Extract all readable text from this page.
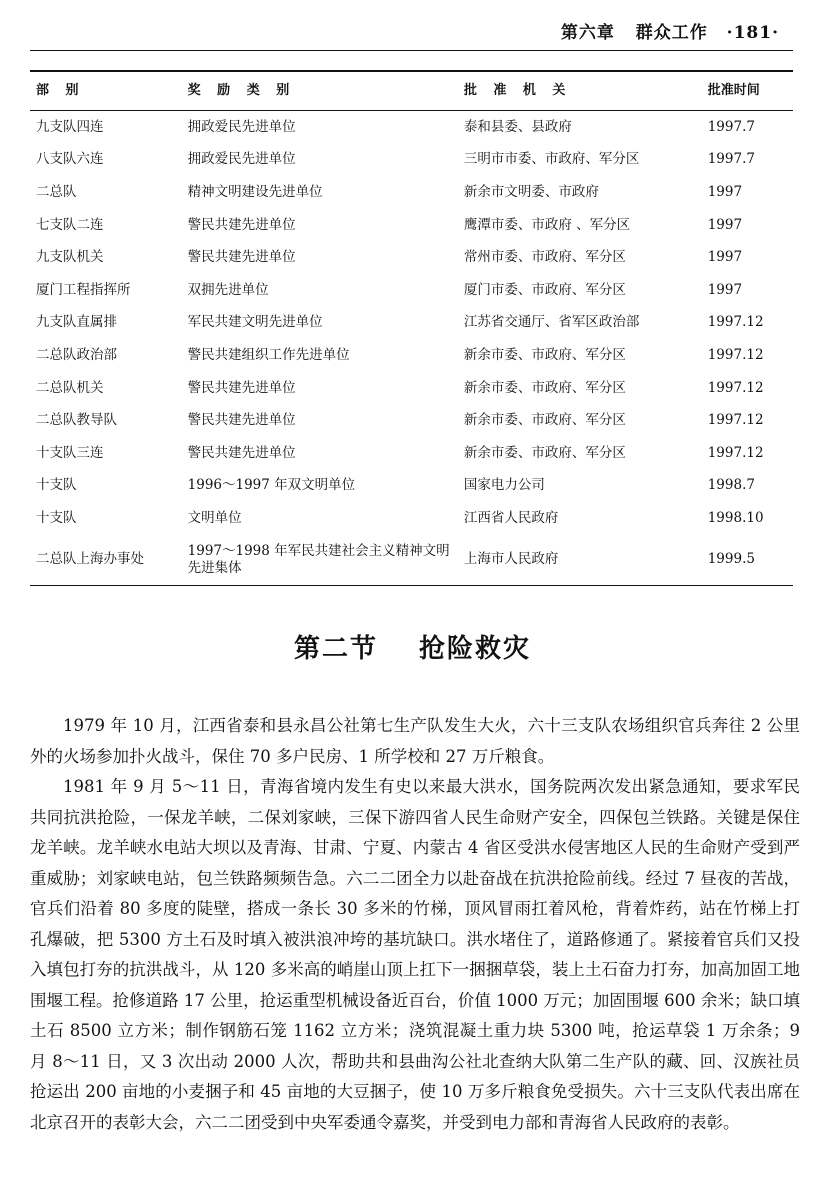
第六章 群众工作 ·181·
部 别	奖 励 类 别	批 准 机 关	批准时间
九支队四连	拥政爱民先进单位	泰和县委、县政府	1997.7
八支队六连	拥政爱民先进单位	三明市市委、市政府、军分区	1997.7
二总队	精神文明建设先进单位	新余市文明委、市政府	1997
七支队二连	警民共建先进单位	鹰潭市委、市政府 、军分区	1997
九支队机关	警民共建先进单位	常州市委、市政府、军分区	1997
厦门工程指挥所	双拥先进单位	厦门市委、市政府、军分区	1997
九支队直属排	军民共建文明先进单位	江苏省交通厅、省军区政治部	1997.12
二总队政治部	警民共建组织工作先进单位	新余市委、市政府、军分区	1997.12
二总队机关	警民共建先进单位	新余市委、市政府、军分区	1997.12
二总队教导队	警民共建先进单位	新余市委、市政府、军分区	1997.12
十支队三连	警民共建先进单位	新余市委、市政府、军分区	1997.12
十支队	1996～1997 年双文明单位	国家电力公司	1998.7
十支队	文明单位	江西省人民政府	1998.10
二总队上海办事处	1997～1998 年军民共建社会主义精神文明先进集体	上海市人民政府	1999.5
第二节 抢险救灾

1979 年 10 月，江西省泰和县永昌公社第七生产队发生大火，六十三支队农场组织官兵奔往 2 公里外的火场参加扑火战斗，保住 70 多户民房、1 所学校和 27 万斤粮食。

1981 年 9 月 5～11 日，青海省境内发生有史以来最大洪水，国务院两次发出紧急通知，要求军民共同抗洪抢险，一保龙羊峡，二保刘家峡，三保下游四省人民生命财产安全，四保包兰铁路。关键是保住龙羊峡。龙羊峡水电站大坝以及青海、甘肃、宁夏、内蒙古 4 省区受洪水侵害地区人民的生命财产受到严重威胁；刘家峡电站，包兰铁路频频告急。六二二团全力以赴奋战在抗洪抢险前线。经过 7 昼夜的苦战，官兵们沿着 80 多度的陡壁，搭成一条长 30 多米的竹梯，顶风冒雨扛着风枪，背着炸药，站在竹梯上打孔爆破，把 5300 方土石及时填入被洪浪冲垮的基坑缺口。洪水堵住了，道路修通了。紧接着官兵们又投入填包打夯的抗洪战斗，从 120 多米高的峭崖山顶上扛下一捆捆草袋，装上土石奋力打夯，加高加固工地围堰工程。抢修道路 17 公里，抢运重型机械设备近百台，价值 1000 万元；加固围堰 600 余米；缺口填土石 8500 立方米；制作钢筋石笼 1162 立方米；浇筑混凝土重力块 5300 吨，抢运草袋 1 万余条；9 月 8～11 日，又 3 次出动 2000 人次，帮助共和县曲沟公社北查纳大队第二生产队的藏、回、汉族社员抢运出 200 亩地的小麦捆子和 45 亩地的大豆捆子，使 10 万多斤粮食免受损失。六十三支队代表出席在北京召开的表彰大会，六二二团受到中央军委通令嘉奖，并受到电力部和青海省人民政府的表彰。
